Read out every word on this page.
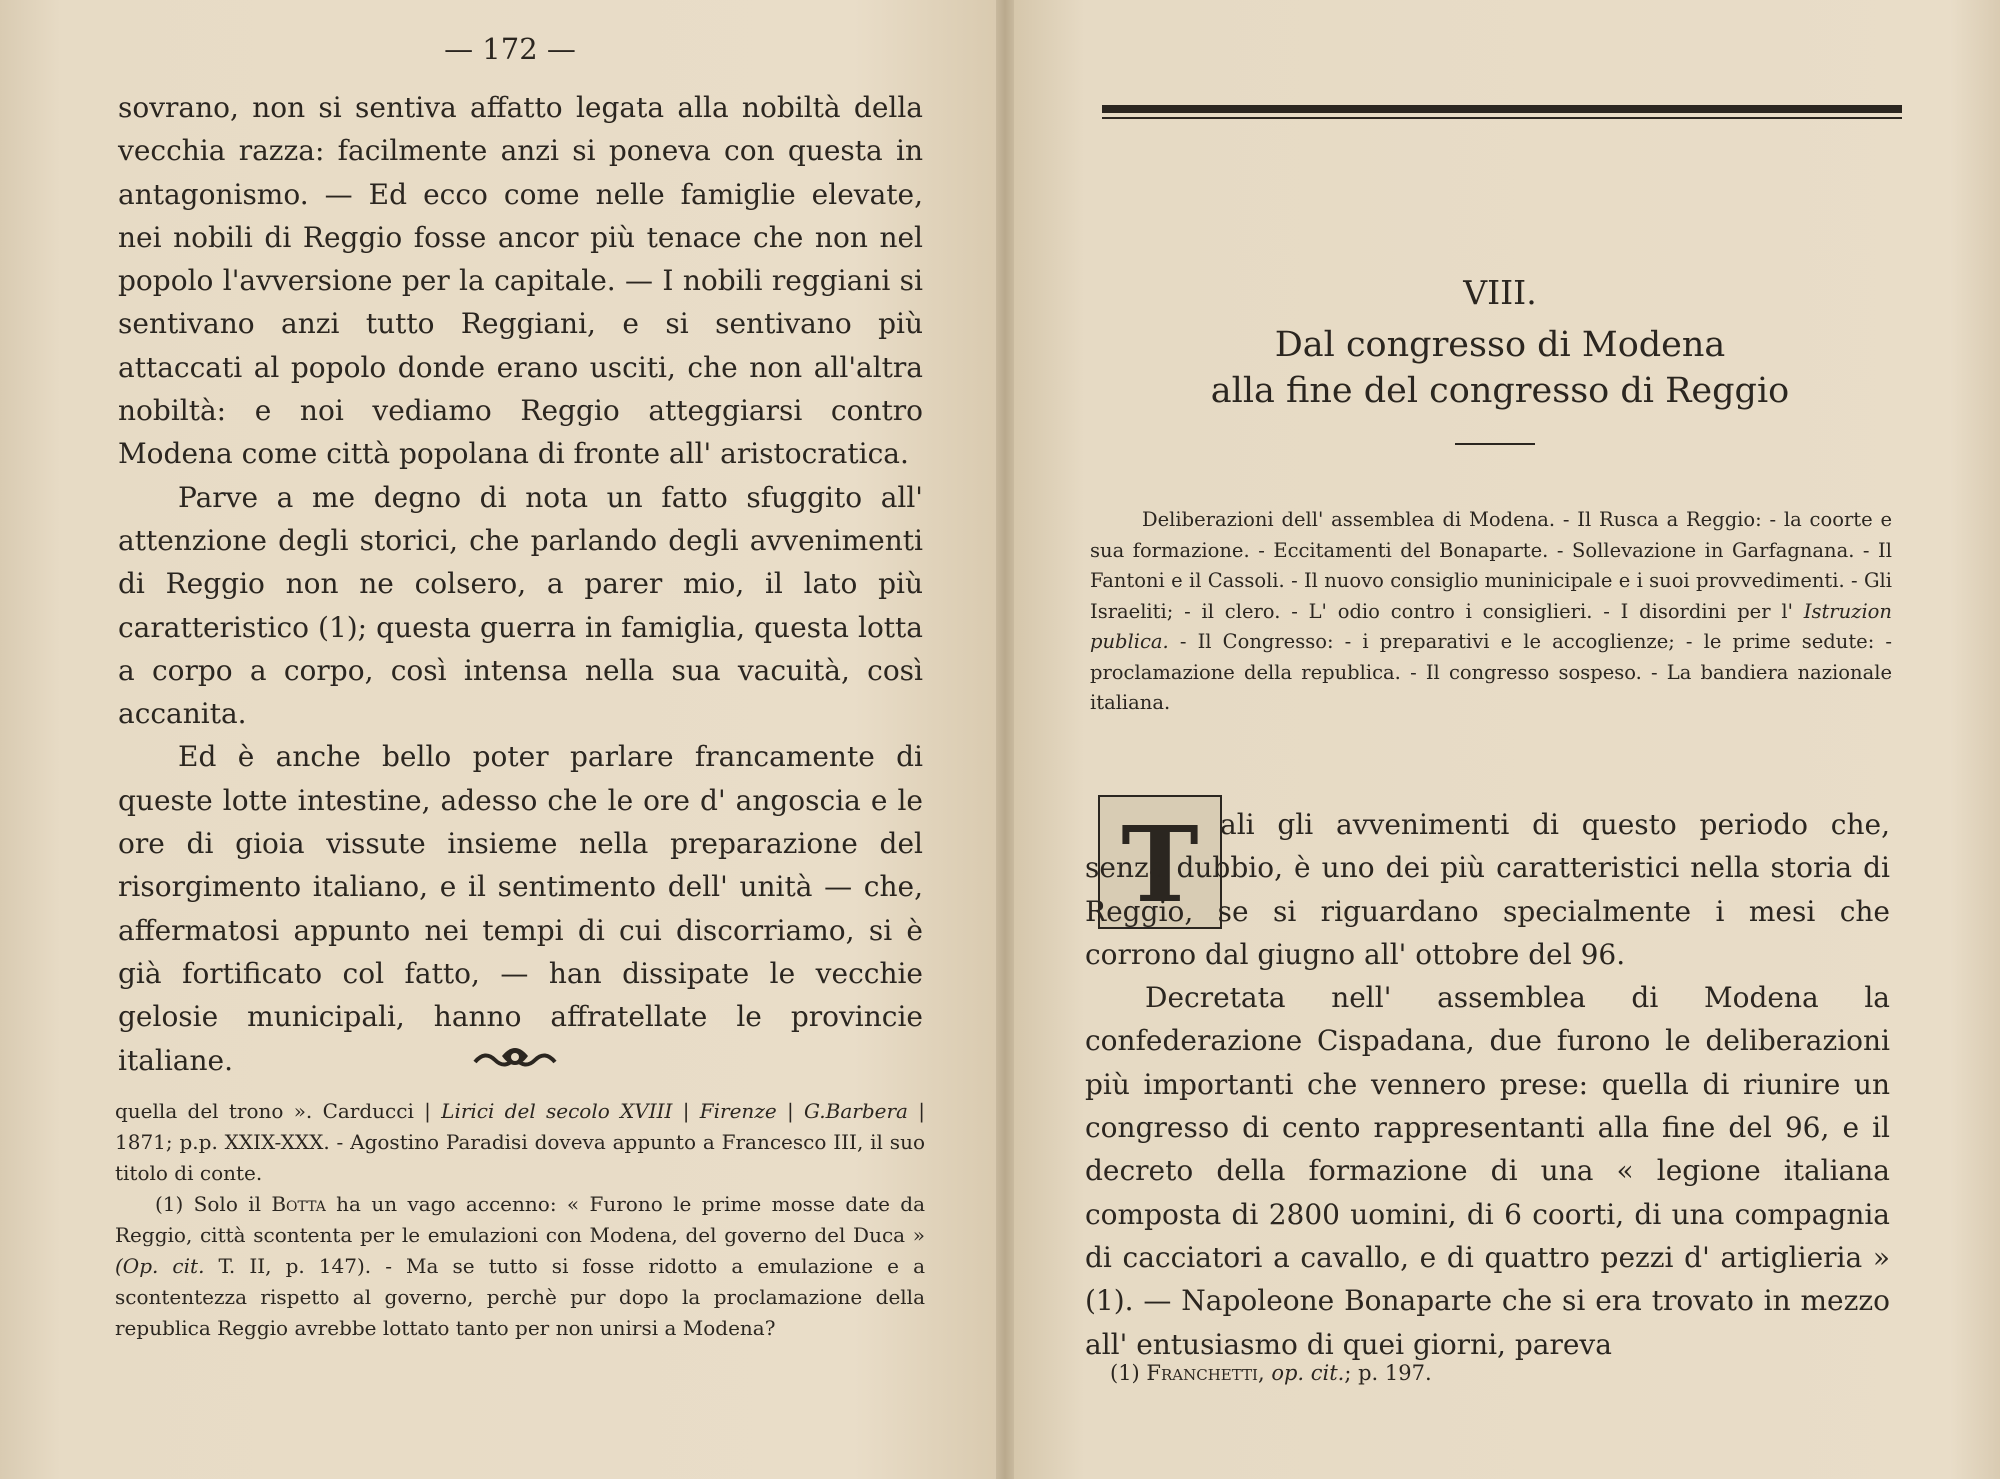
— 172 —

sovrano, non si sentiva affatto legata alla nobiltà della vecchia razza: facilmente anzi si poneva con questa in antagonismo. — Ed ecco come nelle famiglie elevate, nei nobili di Reggio fosse ancor più tenace che non nel popolo l'avversione per la capitale. — I nobili reggiani si sentivano anzi tutto Reggiani, e si sentivano più attaccati al popolo donde erano usciti, che non all'altra nobiltà: e noi vediamo Reggio atteggiarsi contro Modena come città popolana di fronte all' aristocratica.

Parve a me degno di nota un fatto sfuggito all' attenzione degli storici, che parlando degli avvenimenti di Reggio non ne colsero, a parer mio, il lato più caratteristico (1); questa guerra in famiglia, questa lotta a corpo a corpo, così intensa nella sua vacuità, così accanita.

Ed è anche bello poter parlare francamente di queste lotte intestine, adesso che le ore d' angoscia e le ore di gioia vissute insieme nella preparazione del risorgimento italiano, e il sentimento dell' unità — che, affermatosi appunto nei tempi di cui discorriamo, si è già fortificato col fatto, — han dissipate le vecchie gelosie municipali, hanno affratellate le provincie italiane.

quella del trono ». Carducci | Lirici del secolo XVIII | Firenze | G.Barbera | 1871; p.p. XXIX-XXX. - Agostino Paradisi doveva appunto a Francesco III, il suo titolo di conte.

(1) Solo il Botta ha un vago accenno: « Furono le prime mosse date da Reggio, città scontenta per le emulazioni con Modena, del governo del Duca » (Op. cit. T. II, p. 147). - Ma se tutto si fosse ridotto a emulazione e a scontentezza rispetto al governo, perchè pur dopo la proclamazione della republica Reggio avrebbe lottato tanto per non unirsi a Modena?

VIII.
Dal congresso di Modena
alla fine del congresso di Reggio

Deliberazioni dell' assemblea di Modena. - Il Rusca a Reggio: - la coorte e sua formazione. - Eccitamenti del Bonaparte. - Sollevazione in Garfagnana. - Il Fantoni e il Cassoli. - Il nuovo consiglio muninicipale e i suoi provvedimenti. - Gli Israeliti; - il clero. - L' odio contro i consiglieri. - I disordini per l' Istruzion publica. - Il Congresso: - i preparativi e le accoglienze; - le prime sedute: - proclamazione della republica. - Il congresso sospeso. - La bandiera nazionale italiana.

T ali gli avvenimenti di questo periodo che, senza dubbio, è uno dei più caratteristici nella storia di Reggio, se si riguardano specialmente i mesi che corrono dal giugno all' ottobre del 96.

Decretata nell' assemblea di Modena la confederazione Cispadana, due furono le deliberazioni più importanti che vennero prese: quella di riunire un congresso di cento rappresentanti alla fine del 96, e il decreto della formazione di una « legione italiana composta di 2800 uomini, di 6 coorti, di una compagnia di cacciatori a cavallo, e di quattro pezzi d' artiglieria » (1). — Napoleone Bonaparte che si era trovato in mezzo all' entusiasmo di quei giorni, pareva

(1) Franchetti, op. cit.; p. 197.
